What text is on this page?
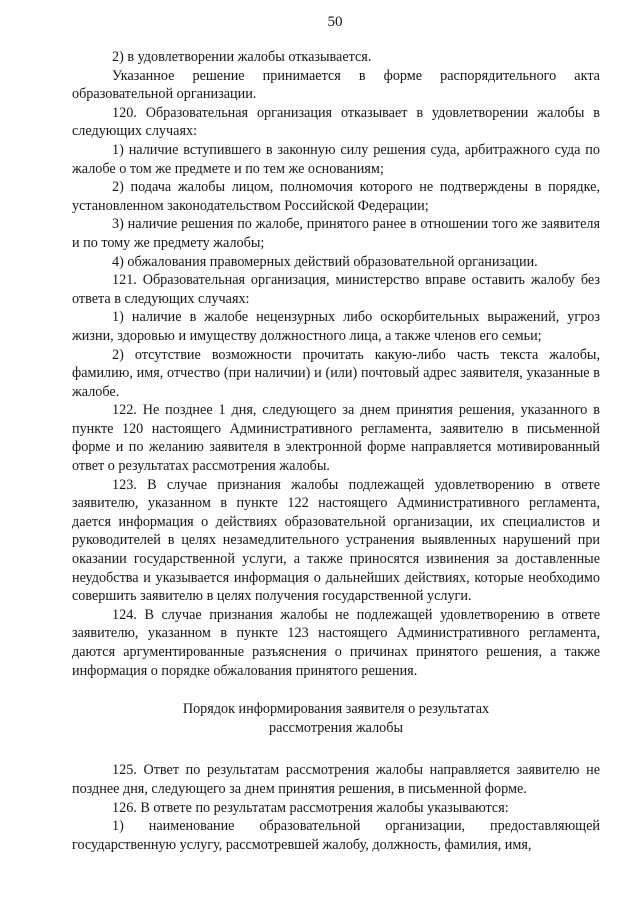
50

2) в удовлетворении жалобы отказывается.

Указанное решение принимается в форме распорядительного акта образовательной организации.

120. Образовательная организация отказывает в удовлетворении жалобы в следующих случаях:

1) наличие вступившего в законную силу решения суда, арбитражного суда по жалобе о том же предмете и по тем же основаниям;

2) подача жалобы лицом, полномочия которого не подтверждены в порядке, установленном законодательством Российской Федерации;

3) наличие решения по жалобе, принятого ранее в отношении того же заявителя и по тому же предмету жалобы;

4) обжалования правомерных действий образовательной организации.

121. Образовательная организация, министерство вправе оставить жалобу без ответа в следующих случаях:

1) наличие в жалобе нецензурных либо оскорбительных выражений, угроз жизни, здоровью и имуществу должностного лица, а также членов его семьи;

2) отсутствие возможности прочитать какую-либо часть текста жалобы, фамилию, имя, отчество (при наличии) и (или) почтовый адрес заявителя, указанные в жалобе.

122. Не позднее 1 дня, следующего за днем принятия решения, указанного в пункте 120 настоящего Административного регламента, заявителю в письменной форме и по желанию заявителя в электронной форме направляется мотивированный ответ о результатах рассмотрения жалобы.

123. В случае признания жалобы подлежащей удовлетворению в ответе заявителю, указанном в пункте 122 настоящего Административного регламента, дается информация о действиях образовательной организации, их специалистов и руководителей в целях незамедлительного устранения выявленных нарушений при оказании государственной услуги, а также приносятся извинения за доставленные неудобства и указывается информация о дальнейших действиях, которые необходимо совершить заявителю в целях получения государственной услуги.

124. В случае признания жалобы не подлежащей удовлетворению в ответе заявителю, указанном в пункте 123 настоящего Административного регламента, даются аргументированные разъяснения о причинах принятого решения, а также информация о порядке обжалования принятого решения.

Порядок информирования заявителя о результатах
рассмотрения жалобы

125. Ответ по результатам рассмотрения жалобы направляется заявителю не позднее дня, следующего за днем принятия решения, в письменной форме.

126. В ответе по результатам рассмотрения жалобы указываются:

1) наименование образовательной организации, предоставляющей государственную услугу, рассмотревшей жалобу, должность, фамилия, имя,
